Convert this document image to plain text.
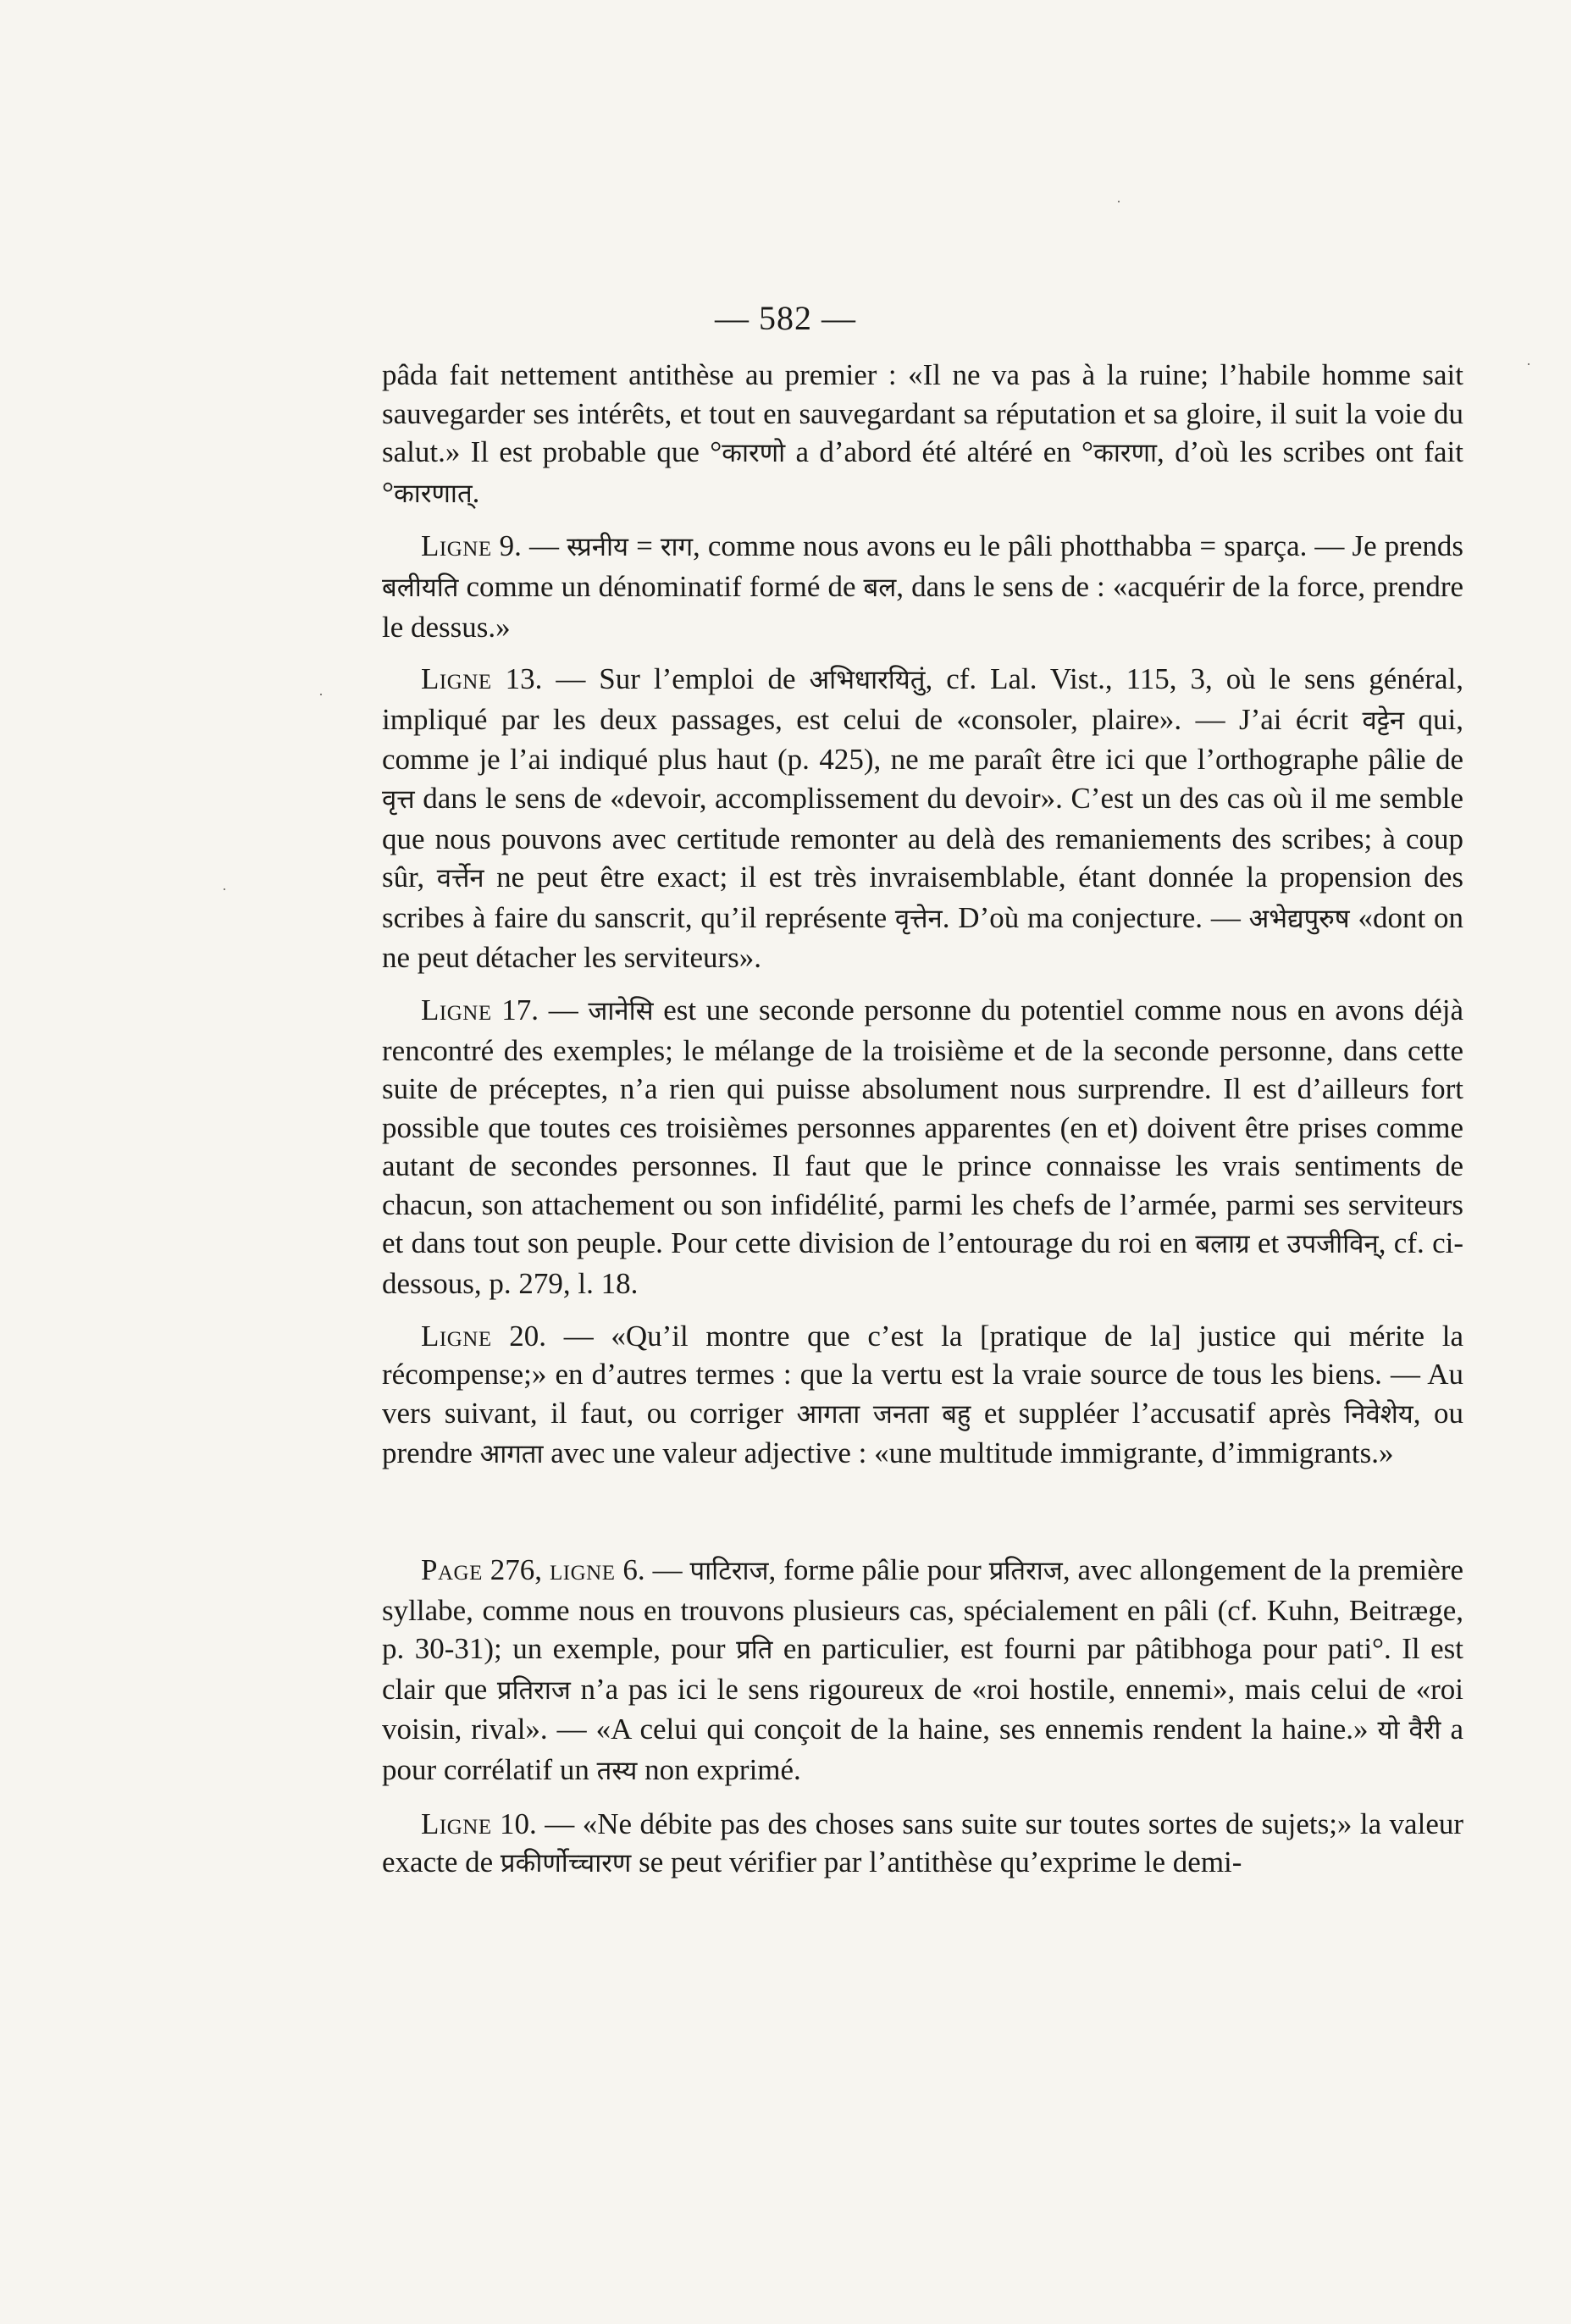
— 582 —

pâda fait nettement antithèse au premier : «Il ne va pas à la ruine; l’habile homme sait sauvegarder ses intérêts, et tout en sauvegardant sa réputation et sa gloire, il suit la voie du salut.» Il est probable que °कारणो a d’abord été altéré en °कारणा, d’où les scribes ont fait °कारणात्.

Ligne 9. — स्प्रनीय = राग, comme nous avons eu le pâli photthabba = sparça. — Je prends बलीयति comme un dénominatif formé de बल, dans le sens de : «acquérir de la force, prendre le dessus.»

Ligne 13. — Sur l’emploi de अभिधारयितुं, cf. Lal. Vist., 115, 3, où le sens général, impliqué par les deux passages, est celui de «consoler, plaire». — J’ai écrit वट्टेन qui, comme je l’ai indiqué plus haut (p. 425), ne me paraît être ici que l’orthographe pâlie de वृत्त dans le sens de «devoir, accomplissement du devoir». C’est un des cas où il me semble que nous pouvons avec certitude remonter au delà des remaniements des scribes; à coup sûr, वर्त्तेन ne peut être exact; il est très invraisemblable, étant donnée la propension des scribes à faire du sanscrit, qu’il représente वृत्तेन. D’où ma conjecture. — अभेद्यपुरुष «dont on ne peut détacher les serviteurs».

Ligne 17. — जानेसि est une seconde personne du potentiel comme nous en avons déjà rencontré des exemples; le mélange de la troisième et de la seconde personne, dans cette suite de préceptes, n’a rien qui puisse absolument nous surprendre. Il est d’ailleurs fort possible que toutes ces troisièmes personnes apparentes (en et) doivent être prises comme autant de secondes personnes. Il faut que le prince connaisse les vrais sentiments de chacun, son attachement ou son infidélité, parmi les chefs de l’armée, parmi ses serviteurs et dans tout son peuple. Pour cette division de l’entourage du roi en बलाग्र et उपजीविन्, cf. ci-dessous, p. 279, l. 18.

Ligne 20. — «Qu’il montre que c’est la [pratique de la] justice qui mérite la récompense;» en d’autres termes : que la vertu est la vraie source de tous les biens. — Au vers suivant, il faut, ou corriger आगता जनता बहु et suppléer l’accusatif après निवेशेय, ou prendre आगता avec une valeur adjective : «une multitude immigrante, d’immigrants.»

Page 276, ligne 6. — पाटिराज, forme pâlie pour प्रतिराज, avec allongement de la première syllabe, comme nous en trouvons plusieurs cas, spécialement en pâli (cf. Kuhn, Beitræge, p. 30-31); un exemple, pour प्रति en particulier, est fourni par pâtibhoga pour pati°. Il est clair que प्रतिराज n’a pas ici le sens rigoureux de «roi hostile, ennemi», mais celui de «roi voisin, rival». — «A celui qui conçoit de la haine, ses ennemis rendent la haine.» यो वैरी a pour corrélatif un तस्य non exprimé.

Ligne 10. — «Ne débite pas des choses sans suite sur toutes sortes de sujets;» la valeur exacte de प्रकीर्णोच्चारण se peut vérifier par l’antithèse qu’exprime le demi-

·
·
·
·
